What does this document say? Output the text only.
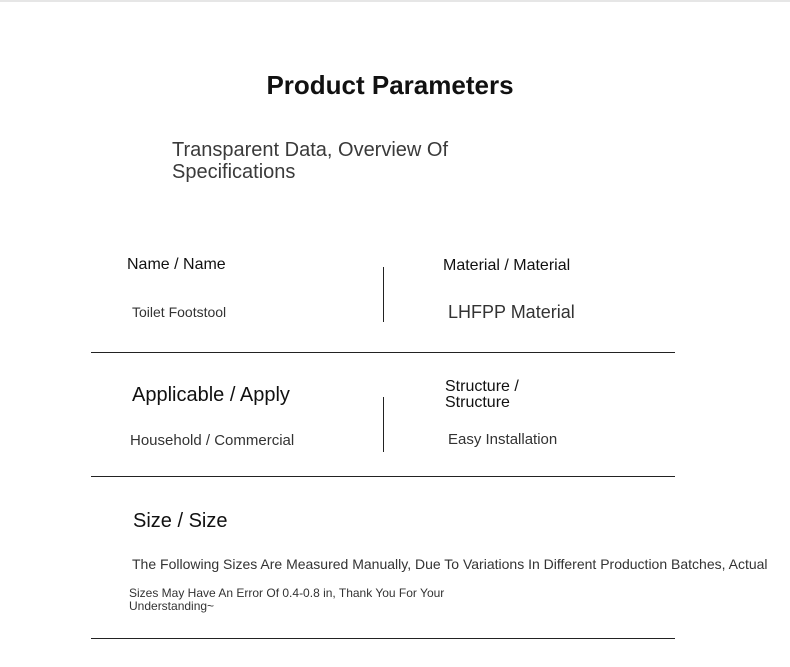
Product Parameters
Transparent Data, Overview Of Specifications
Name / Name
Toilet Footstool
Material / Material
LHFPP Material
Applicable / Apply
Household / Commercial
Structure /
Structure
Easy Installation
Size / Size
The Following Sizes Are Measured Manually, Due To Variations In Different Production Batches, Actual
Sizes May Have An Error Of 0.4-0.8 in, Thank You For Your Understanding~
